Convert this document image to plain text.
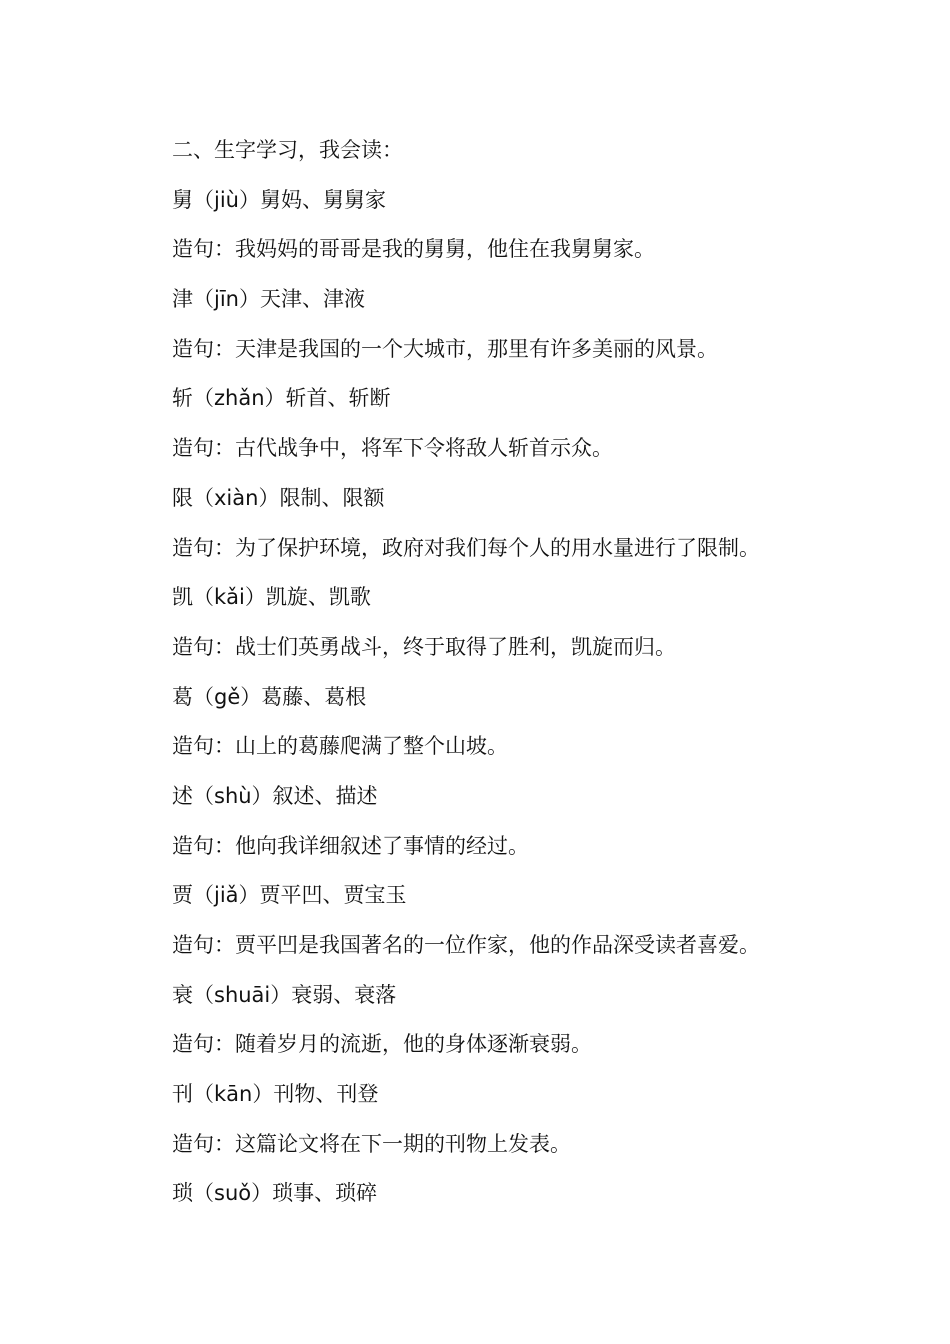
二、生字学习，我会读：
舅（jiù）舅妈、舅舅家
造句：我妈妈的哥哥是我的舅舅，他住在我舅舅家。
津（jīn）天津、津液
造句：天津是我国的一个大城市，那里有许多美丽的风景。
斩（zhǎn）斩首、斩断
造句：古代战争中，将军下令将敌人斩首示众。
限（xiàn）限制、限额
造句：为了保护环境，政府对我们每个人的用水量进行了限制。
凯（kǎi）凯旋、凯歌
造句：战士们英勇战斗，终于取得了胜利，凯旋而归。
葛（gě）葛藤、葛根
造句：山上的葛藤爬满了整个山坡。
述（shù）叙述、描述
造句：他向我详细叙述了事情的经过。
贾（jiǎ）贾平凹、贾宝玉
造句：贾平凹是我国著名的一位作家，他的作品深受读者喜爱。
衰（shuāi）衰弱、衰落
造句：随着岁月的流逝，他的身体逐渐衰弱。
刊（kān）刊物、刊登
造句：这篇论文将在下一期的刊物上发表。
琐（suǒ）琐事、琐碎
